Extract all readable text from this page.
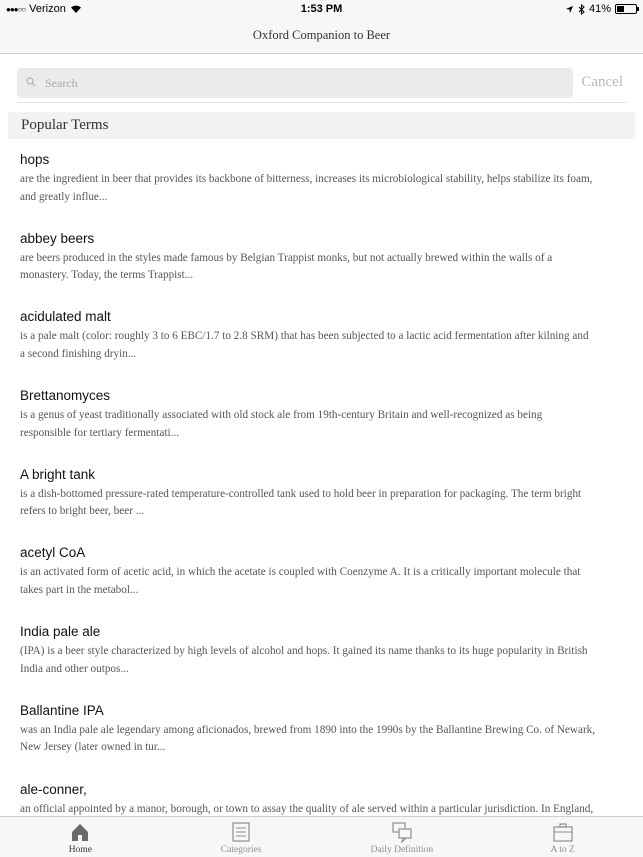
●●●○○ Verizon	1:53 PM	41%
Oxford Companion to Beer
Search
Cancel
Popular Terms
hops
are the ingredient in beer that provides its backbone of bitterness, increases its microbiological stability, helps stabilize its foam,
and greatly influe...
abbey beers
are beers produced in the styles made famous by Belgian Trappist monks, but not actually brewed within the walls of a
monastery. Today, the terms Trappist...
acidulated malt
is a pale malt (color: roughly 3 to 6 EBC/1.7 to 2.8 SRM) that has been subjected to a lactic acid fermentation after kilning and
a second finishing dryin...
Brettanomyces
is a genus of yeast traditionally associated with old stock ale from 19th-century Britain and well-recognized as being
responsible for tertiary fermentati...
A bright tank
is a dish-bottomed pressure-rated temperature-controlled tank used to hold beer in preparation for packaging. The term bright
refers to bright beer, beer ...
acetyl CoA
is an activated form of acetic acid, in which the acetate is coupled with Coenzyme A. It is a critically important molecule that
takes part in the metabol...
India pale ale
(IPA) is a beer style characterized by high levels of alcohol and hops. It gained its name thanks to its huge popularity in British
India and other outpos...
Ballantine IPA
was an India pale ale legendary among aficionados, brewed from 1890 into the 1990s by the Ballantine Brewing Co. of Newark,
New Jersey (later owned in tur...
ale-conner,
an official appointed by a manor, borough, or town to assay the quality of ale served within a particular jurisdiction. In England,
Home	Categories	Daily Definition	A to Z
